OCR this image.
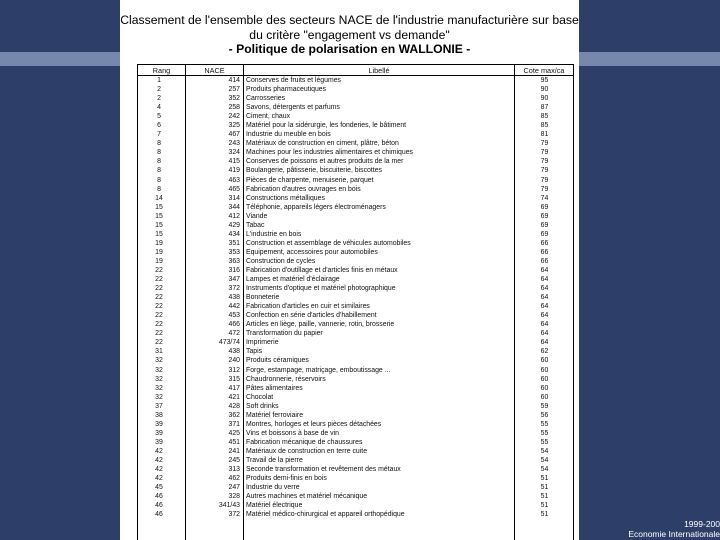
Classement de l'ensemble des secteurs NACE de l'industrie manufacturière sur base
du critère "engagement vs demande"
- Politique de polarisation en WALLONIE -
Rang	NACE	Libellé	Cote max/ca
1	414 Conserves de fruits et légumes	95
2	257 Produits pharmaceutiques	90
2	352 Carrosseries	90
4	258 Savons, détergents et parfums	87
5	242 Ciment, chaux	85
6	325 Matériel pour la sidérurgie, les fonderies, le bâtiment	85
7	467 Industrie du meuble en bois	81
8	243 Matériaux de construction en ciment, plâtre, béton	79
8	324 Machines pour les industries alimentaires et chimiques	79
8	415 Conserves de poissons et autres produits de la mer	79
8	419 Boulangerie, pâtisserie, biscuiterie, biscottes	79
8	463 Pièces de charpente, menuiserie, parquet	79
8	465 Fabrication d'autres ouvrages en bois	79
14	314 Constructions métalliques	74
15	344 Téléphonie, appareils légers électroménagers	69
15	412 Viande	69
15	429 Tabac	69
15	434 L'industrie en bois	69
19	351 Construction et assemblage de véhicules automobiles	66
19	353 Equipement, accessoires pour automobiles	66
19	363 Construction de cycles	66
22	316 Fabrication d'outillage et d'articles finis en métaux	64
22	347 Lampes et matériel d'éclairage	64
22	372 Instruments d'optique et matériel photographique	64
22	438 Bonneterie	64
22	442 Fabrication d'articles en cuir et similaires	64
22	453 Confection en série d'articles d'habillement	64
22	466 Articles en liège, paille, vannerie, rotin, brosserie	64
22	472 Transformation du papier	64
22	473/74 Imprimerie	64
31	438 Tapis	62
32	240 Produits céramiques	60
32	312 Forge, estampage, matriçage, emboutissage ...	60
32	315 Chaudronnerie, réservoirs	60
32	417 Pâtes alimentaires	60
32	421 Chocolat	60
37	428 Soft drinks	59
38	362 Matériel ferroviaire	56
39	371 Montres, horloges et leurs pièces détachées	55
39	425 Vins et boissons à base de vin	55
39	451 Fabrication mécanique de chaussures	55
42	241 Matériaux de construction en terre cuite	54
42	245 Travail de la pierre	54
42	313 Seconde transformation et revêtement des métaux	54
42	462 Produits demi-finis en bois	51
45	247 Industrie du verre	51
46	328 Autres machines et matériel mécanique	51
46	341/43 Matériel électrique	51
46	372 Matériel médico-chirurgical et appareil orthopédique	51
1999-200
Economie Internationale
